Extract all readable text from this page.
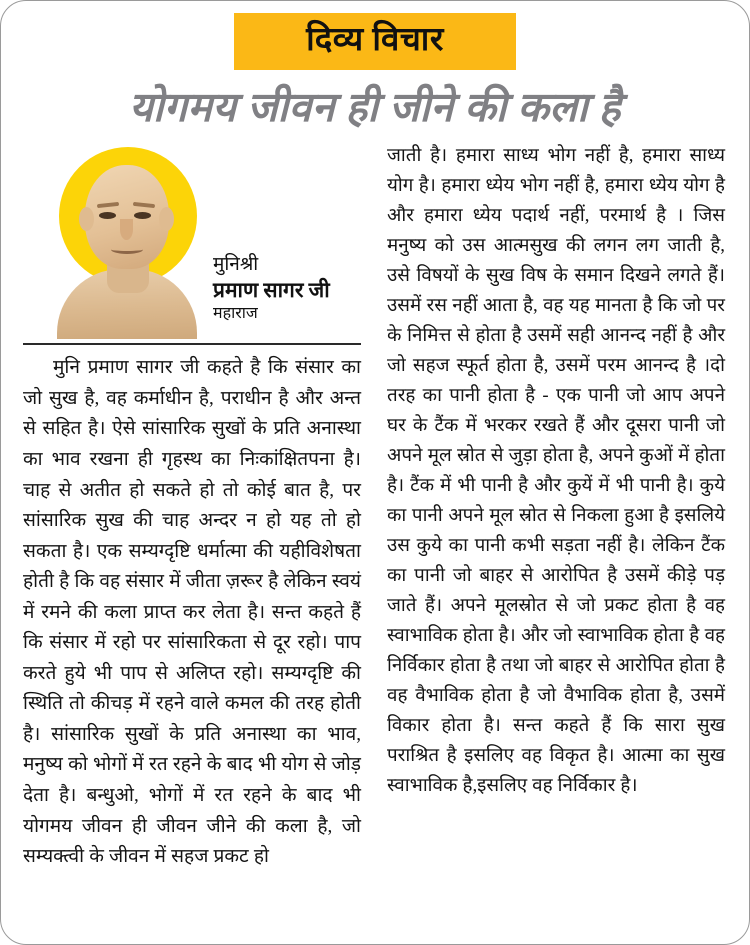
दिव्य विचार
योगमय जीवन ही जीने की कला है
मुनिश्री
प्रमाण सागर जी
महाराज

मुनि प्रमाण सागर जी कहते है कि संसार का जो सुख है, वह कर्माधीन है, पराधीन है और अन्त से सहित है। ऐसे सांसारिक सुखों के प्रति अनास्था का भाव रखना ही गृहस्थ का निःकांक्षितपना है। चाह से अतीत हो सकते हो तो कोई बात है, पर सांसारिक सुख की चाह अन्दर न हो यह तो हो सकता है। एक सम्यग्दृष्टि धर्मात्मा की यहीविशेषता होती है कि वह संसार में जीता ज़रूर है लेकिन स्वयं में रमने की कला प्राप्त कर लेता है। सन्त कहते हैं कि संसार में रहो पर सांसारिकता से दूर रहो। पाप करते हुये भी पाप से अलिप्त रहो। सम्यग्दृष्टि की स्थिति तो कीचड़ में रहने वाले कमल की तरह होती है। सांसारिक सुखों के प्रति अनास्था का भाव, मनुष्य को भोगों में रत रहने के बाद भी योग से जोड़ देता है। बन्धुओ, भोगों में रत रहने के बाद भी योगमय जीवन ही जीवन जीने की कला है, जो सम्यक्त्वी के जीवन में सहज प्रकट हो

जाती है। हमारा साध्य भोग नहीं है, हमारा साध्य योग है। हमारा ध्येय भोग नहीं है, हमारा ध्येय योग है और हमारा ध्येय पदार्थ नहीं, परमार्थ है । जिस मनुष्य को उस आत्मसुख की लगन लग जाती है, उसे विषयों के सुख विष के समान दिखने लगते हैं। उसमें रस नहीं आता है, वह यह मानता है कि जो पर के निमित्त से होता है उसमें सही आनन्द नहीं है और जो सहज स्फूर्त होता है, उसमें परम आनन्द है ।दो तरह का पानी होता है - एक पानी जो आप अपने घर के टैंक में भरकर रखते हैं और दूसरा पानी जो अपने मूल स्रोत से जुड़ा होता है, अपने कुओं में होता है। टैंक में भी पानी है और कुयें में भी पानी है। कुये का पानी अपने मूल स्रोत से निकला हुआ है इसलिये उस कुये का पानी कभी सड़ता नहीं है। लेकिन टैंक का पानी जो बाहर से आरोपित है उसमें कीड़े पड़ जाते हैं। अपने मूलस्रोत से जो प्रकट होता है वह स्वाभाविक होता है। और जो स्वाभाविक होता है वह निर्विकार होता है तथा जो बाहर से आरोपित होता है वह वैभाविक होता है जो वैभाविक होता है, उसमें विकार होता है। सन्त कहते हैं कि सारा सुख पराश्रित है इसलिए वह विकृत है। आत्मा का सुख स्वाभाविक है,इसलिए वह निर्विकार है।
